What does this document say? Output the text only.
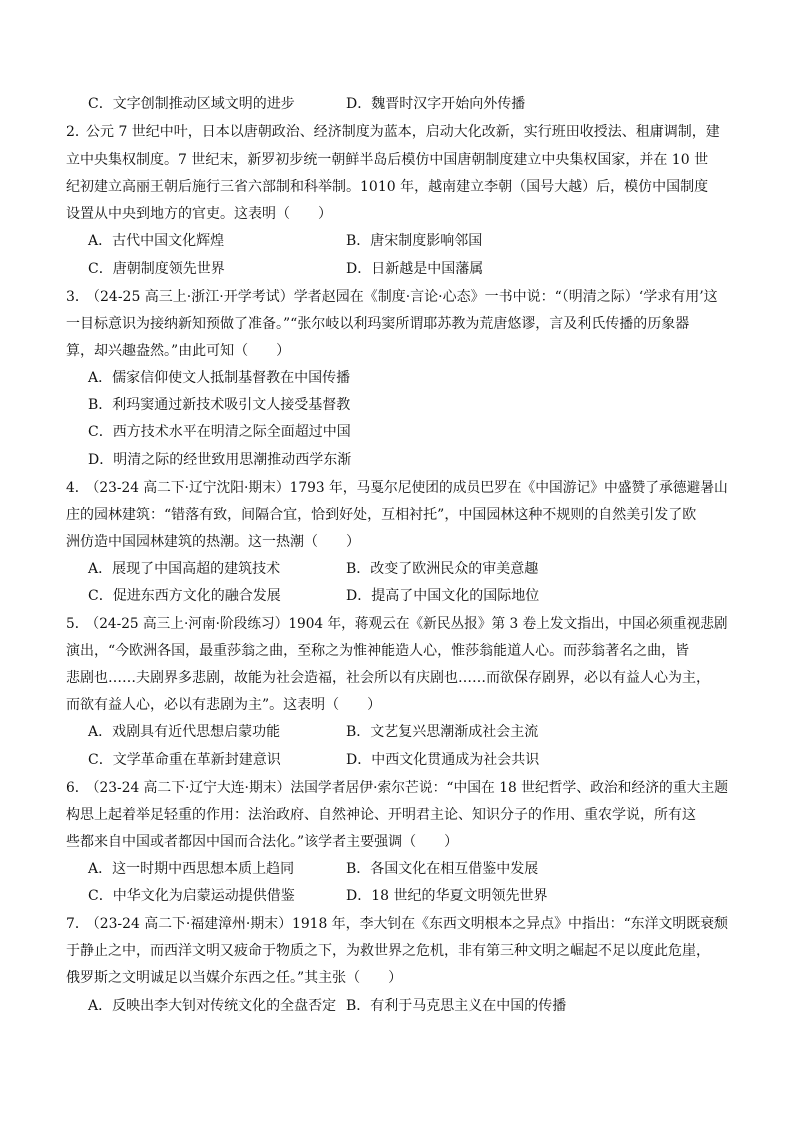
C．文字创制推动区域文明的进步	D．魏晋时汉字开始向外传播
2．
公元 7 世纪中叶，日本以唐朝政治、经济制度为蓝本，启动大化改新，实行班田收授法、租庸调制，建
立中央集权制度。7 世纪末，新罗初步统一朝鲜半岛后模仿中国唐朝制度建立中央集权国家，并在 10 世
纪初建立高丽王朝后施行三省六部制和科举制。1010 年，越南建立李朝（国号大越）后，模仿中国制度
设置从中央到地方的官吏。这表明（　　）
A．古代中国文化辉煌	B．唐宋制度影响邻国
C．唐朝制度领先世界	D．日新越是中国藩属
3．
（24-25 高三上·浙江·开学考试）学者赵园在《制度·言论·心态》一书中说：“（明清之际）‘学求有用’这
一目标意识为接纳新知预做了准备。”“张尔岐以利玛窦所谓耶苏教为荒唐悠谬，言及利氏传播的历象器
算，却兴趣盎然。”由此可知（　　）
A．儒家信仰使文人抵制基督教在中国传播
B．利玛窦通过新技术吸引文人接受基督教
C．西方技术水平在明清之际全面超过中国
D．明清之际的经世致用思潮推动西学东渐
4．
（23-24 高二下·辽宁沈阳·期末）1793 年，马戛尔尼使团的成员巴罗在《中国游记》中盛赞了承德避暑山
庄的园林建筑：“错落有致，间隔合宜，恰到好处，互相衬托”，中国园林这种不规则的自然美引发了欧
洲仿造中国园林建筑的热潮。这一热潮（　　）
A．展现了中国高超的建筑技术	B．改变了欧洲民众的审美意趣
C．促进东西方文化的融合发展	D．提高了中国文化的国际地位
5．
（24-25 高三上·河南·阶段练习）1904 年，蒋观云在《新民丛报》第 3 卷上发文指出，中国必须重视悲剧
演出，“今欧洲各国，最重莎翁之曲，至称之为惟神能造人心，惟莎翁能道人心。而莎翁著名之曲，皆
悲剧也……夫剧界多悲剧，故能为社会造福，社会所以有庆剧也……而欲保存剧界，必以有益人心为主，
而欲有益人心，必以有悲剧为主”。这表明（　　）
A．戏剧具有近代思想启蒙功能	B．文艺复兴思潮渐成社会主流
C．文学革命重在革新封建意识	D．中西文化贯通成为社会共识
6．
（23-24 高二下·辽宁大连·期末）法国学者居伊·索尔芒说：“中国在 18 世纪哲学、政治和经济的重大主题
构思上起着举足轻重的作用：法治政府、自然神论、开明君主论、知识分子的作用、重农学说，所有这
些都来自中国或者都因中国而合法化。”该学者主要强调（　　）
A．这一时期中西思想本质上趋同	B．各国文化在相互借鉴中发展
C．中华文化为启蒙运动提供借鉴	D．18 世纪的华夏文明领先世界
7．
（23-24 高二下·福建漳州·期末）1918 年，李大钊在《东西文明根本之异点》中指出：“东洋文明既衰颓
于静止之中，而西洋文明又疲命于物质之下，为救世界之危机，非有第三种文明之崛起不足以度此危崖，
俄罗斯之文明诚足以当媒介东西之任。”其主张（　　）
A．反映出李大钊对传统文化的全盘否定 B．有利于马克思主义在中国的传播
